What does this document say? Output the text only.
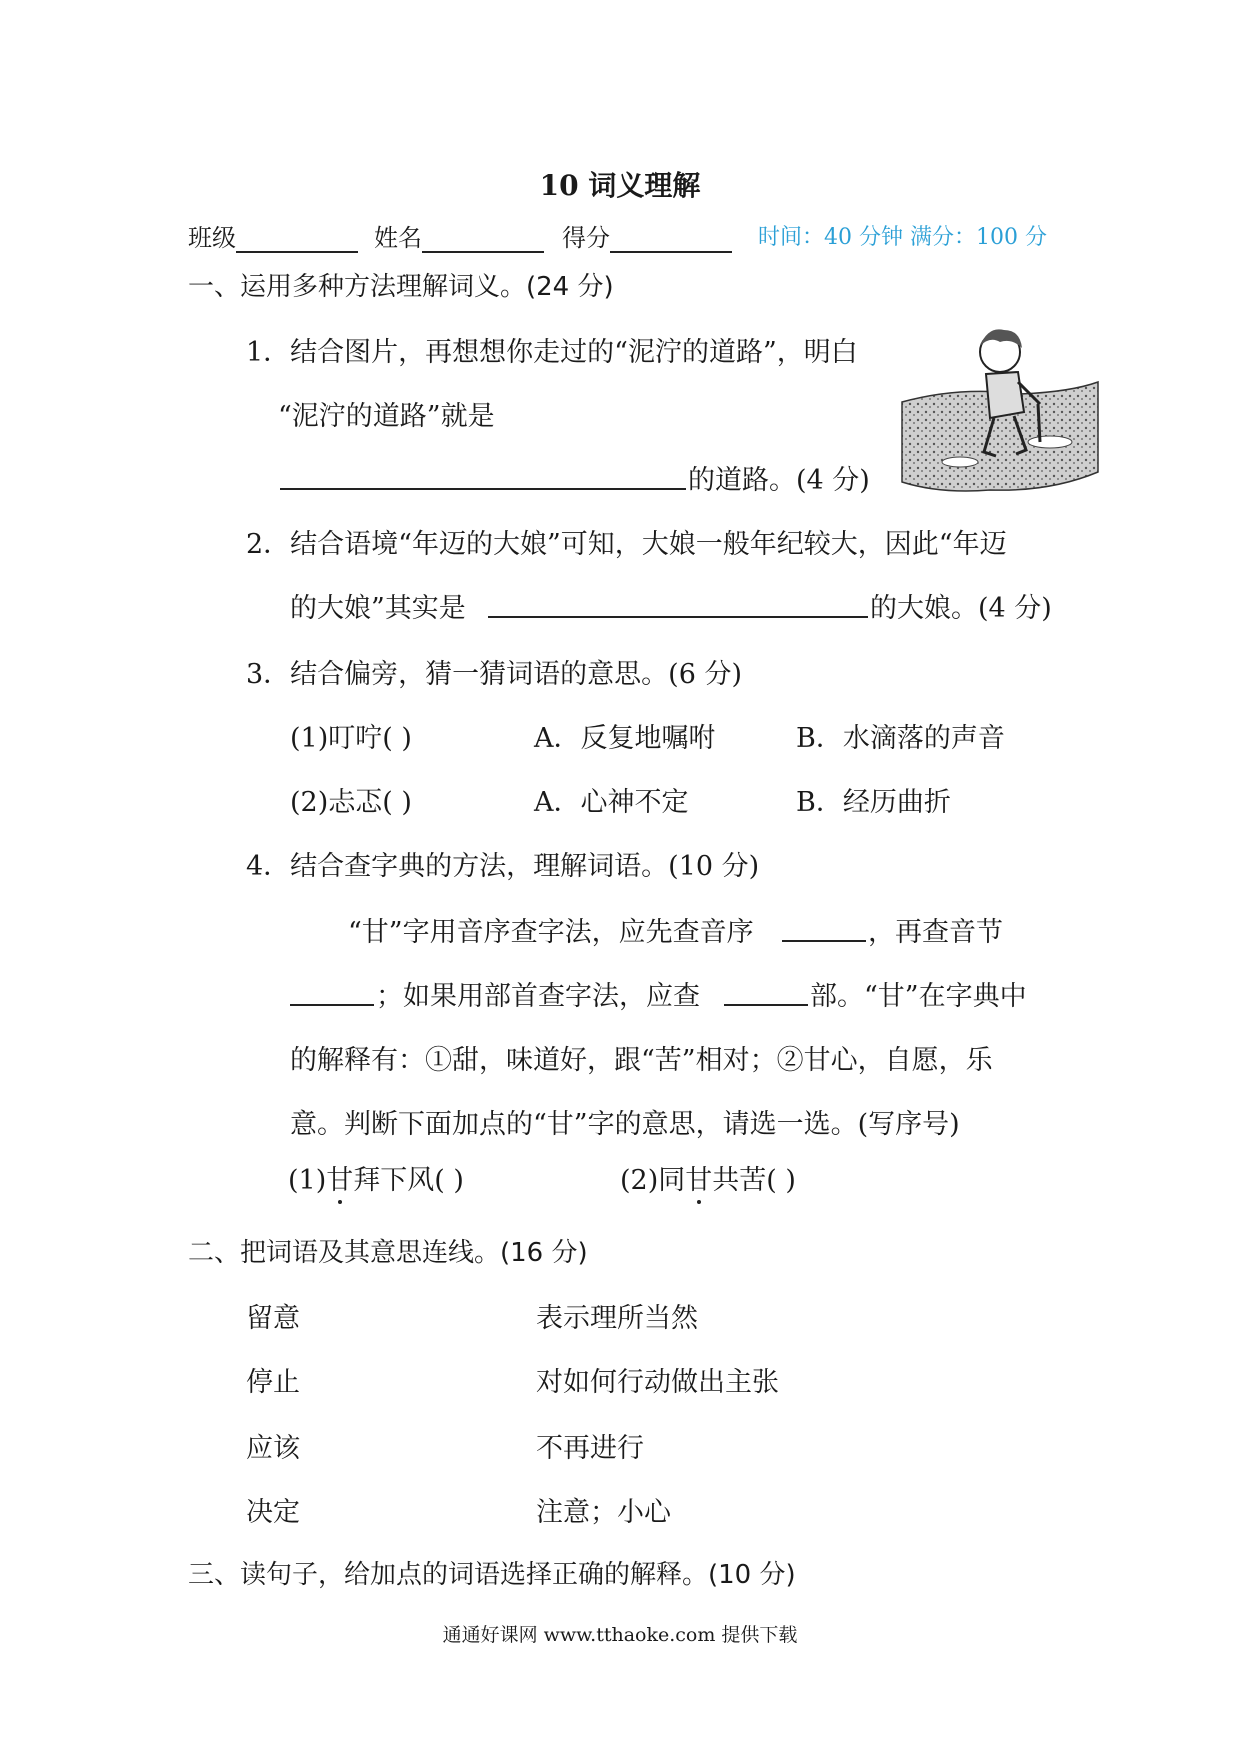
10 词义理解
班级	姓名	得分	时间：40 分钟 满分：100 分
一、运用多种方法理解词义。(24 分)
1．结合图片，再想想你走过的“泥泞的道路”，明白
“泥泞的道路”就是
的道路。(4 分)
2．结合语境“年迈的大娘”可知，大娘一般年纪较大，因此“年迈
的大娘”其实是	的大娘。(4 分)
3．结合偏旁，猜一猜词语的意思。(6 分)
(1)叮咛( )	A．反复地嘱咐	B．水滴落的声音
(2)忐忑( )	A．心神不定	B．经历曲折
4．结合查字典的方法，理解词语。(10 分)
“甘”字用音序查字法，应先查音序	，再查音节
；如果用部首查字法，应查	部。“甘”在字典中
的解释有：①甜，味道好，跟“苦”相对；②甘心，自愿，乐
意。判断下面加点的“甘”字的意思，请选一选。(写序号)
(1)甘拜下风( )	(2)同甘共苦( )
二、把词语及其意思连线。(16 分)
留意	表示理所当然
停止	对如何行动做出主张
应该	不再进行
决定	注意；小心
三、读句子，给加点的词语选择正确的解释。(10 分)
通通好课网 www.tthaoke.com 提供下载
